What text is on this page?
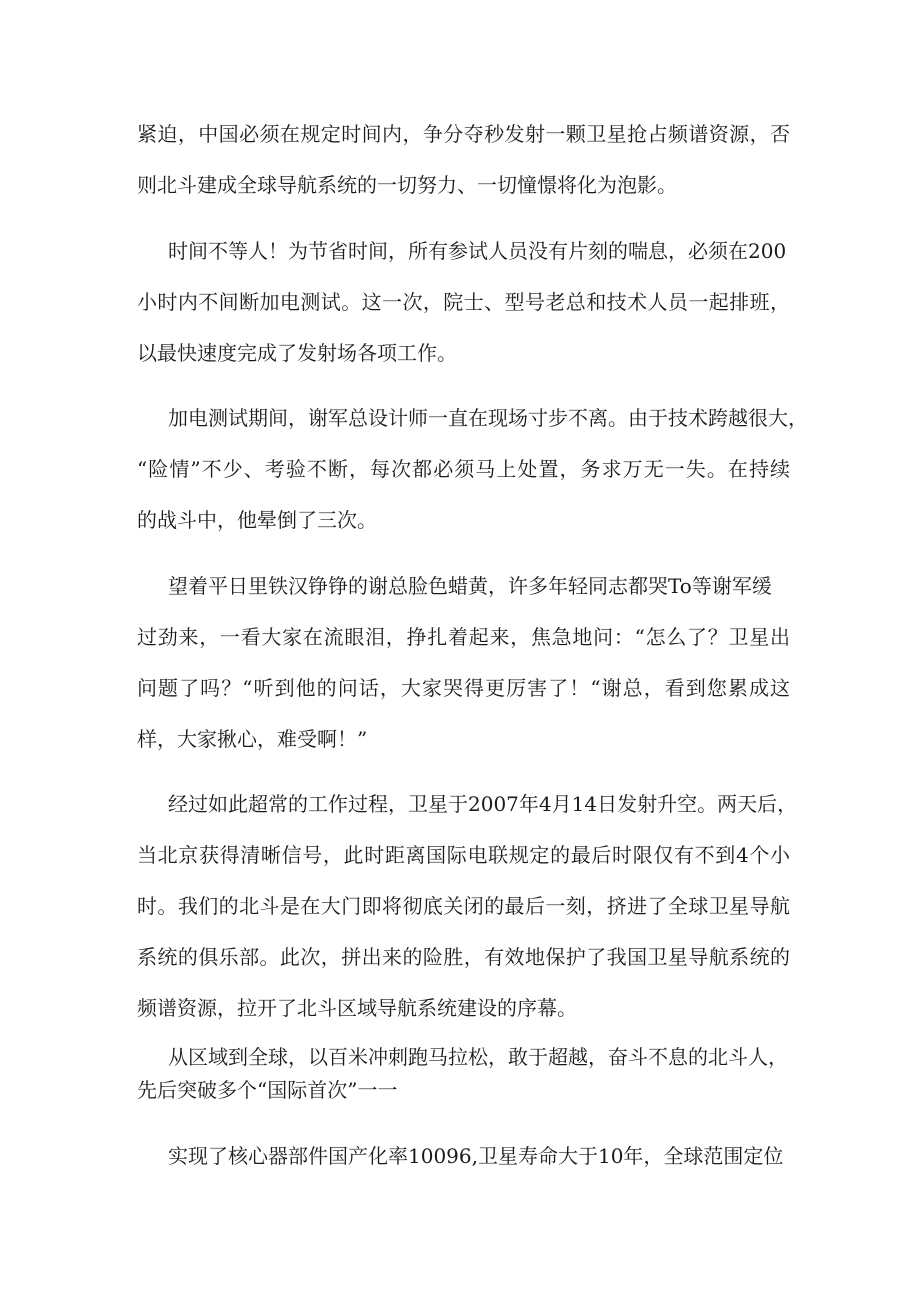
紧迫，中国必须在规定时间内，争分夺秒发射一颗卫星抢占频谱资源，否
则北斗建成全球导航系统的一切努力、一切憧憬将化为泡影。
时间不等人！为节省时间，所有参试人员没有片刻的喘息，必须在200
小时内不间断加电测试。这一次，院士、型号老总和技术人员一起排班，
以最快速度完成了发射场各项工作。
加电测试期间，谢军总设计师一直在现场寸步不离。由于技术跨越很大，
“险情”不少、考验不断，每次都必须马上处置，务求万无一失。在持续
的战斗中，他晕倒了三次。
望着平日里铁汉铮铮的谢总脸色蜡黄，许多年轻同志都哭To等谢军缓
过劲来，一看大家在流眼泪，挣扎着起来，焦急地问：“怎么了？卫星出
问题了吗？“听到他的问话，大家哭得更厉害了！“谢总，看到您累成这
样，大家揪心，难受啊！”
经过如此超常的工作过程，卫星于2007年4月14日发射升空。两天后，
当北京获得清晰信号，此时距离国际电联规定的最后时限仅有不到4个小
时。我们的北斗是在大门即将彻底关闭的最后一刻，挤进了全球卫星导航
系统的俱乐部。此次，拼出来的险胜，有效地保护了我国卫星导航系统的
频谱资源，拉开了北斗区域导航系统建设的序幕。
从区域到全球，以百米冲刺跑马拉松，敢于超越，奋斗不息的北斗人，
先后突破多个“国际首次”一一
实现了核心器部件国产化率10096,卫星寿命大于10年，全球范围定位
